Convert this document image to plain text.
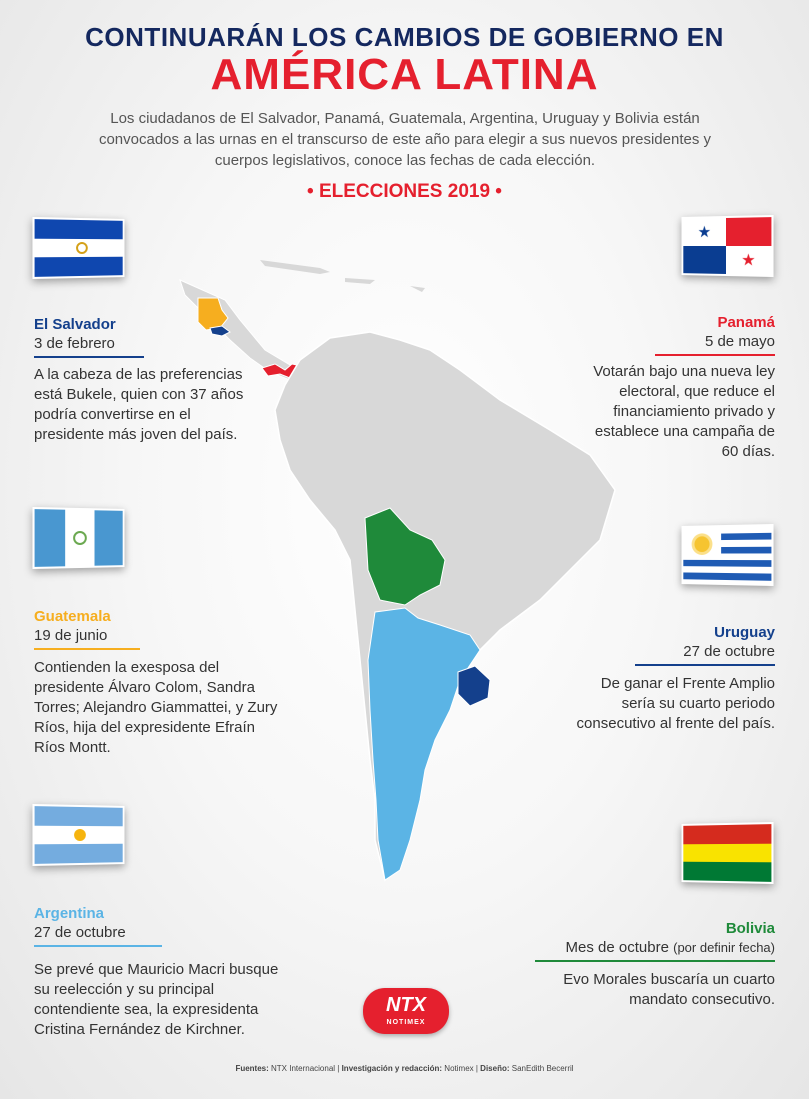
CONTINUARÁN LOS CAMBIOS DE GOBIERNO EN
AMÉRICA LATINA
Los ciudadanos de El Salvador, Panamá, Guatemala, Argentina, Uruguay y Bolivia están convocados a las urnas en el transcurso de este año para elegir a sus nuevos presidentes y cuerpos legislativos, conoce las fechas de cada elección.
• ELECCIONES 2019 •
El Salvador
3 de febrero
A la cabeza de las preferencias está Bukele, quien con 37 años podría convertirse en el presidente más joven del país.
★
★
Panamá
5 de mayo
Votarán bajo una nueva ley electoral, que reduce el financiamiento privado y establece una campaña de 60 días.
Guatemala
19 de junio
Contienden la exesposa del presidente Álvaro Colom, Sandra Torres; Alejandro Giammattei, y Zury Ríos, hija del expresidente Efraín Ríos Montt.
Uruguay
27 de octubre
De ganar el Frente Amplio sería su cuarto periodo consecutivo al frente del país.
Argentina
27 de octubre
Se prevé que Mauricio Macri busque su reelección y su principal contendiente sea, la expresidenta Cristina Fernández de Kirchner.
Bolivia
Mes de octubre (por definir fecha)
Evo Morales buscaría un cuarto mandato consecutivo.
NTX
NOTIMEX
Fuentes: NTX Internacional | Investigación y redacción: Notimex | Diseño: SanEdith Becerril
